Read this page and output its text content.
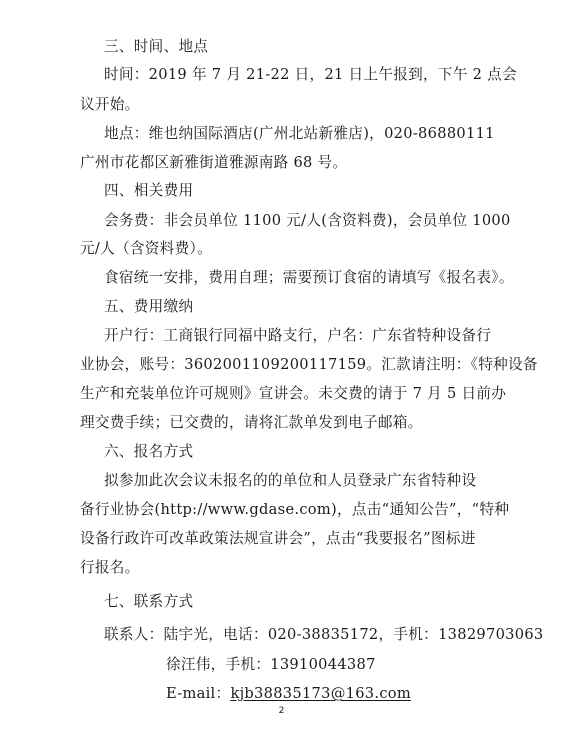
三、时间、地点
时间：2019 年 7 月 21-22 日，21 日上午报到，下午 2 点会
议开始。
地点：维也纳国际酒店(广州北站新雅店)，020-86880111
广州市花都区新雅街道雅源南路 68 号。
四、相关费用
会务费：非会员单位 1100 元/人(含资料费)，会员单位 1000
元/人（含资料费）。
食宿统一安排，费用自理；需要预订食宿的请填写《报名表》。
五、费用缴纳
开户行：工商银行同福中路支行，户名：广东省特种设备行
业协会，账号：3602001109200117159。汇款请注明：《特种设备
生产和充装单位许可规则》宣讲会。未交费的请于 7 月 5 日前办
理交费手续；已交费的，请将汇款单发到电子邮箱。
六、报名方式
拟参加此次会议未报名的的单位和人员登录广东省特种设
备行业协会(http://www.gdase.com)，点击“通知公告”，“特种
设备行政许可改革政策法规宣讲会”，点击“我要报名”图标进
行报名。
七、联系方式
联系人：陆宇光，电话：020-38835172，手机：13829703063
徐汪伟，手机：13910044387
E-mail：kjb38835173@163.com
2
